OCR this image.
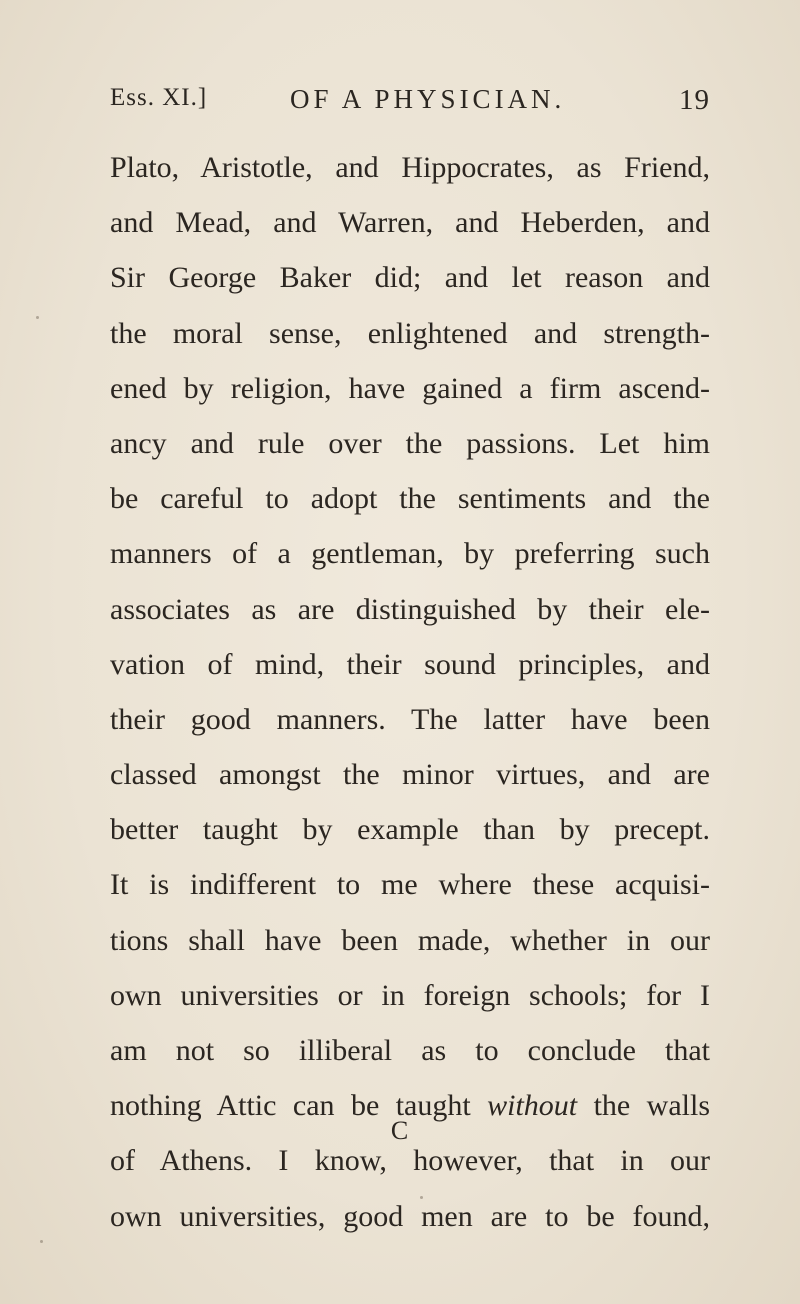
Ess. XI.]	OF A PHYSICIAN.	19
Plato, Aristotle, and Hippocrates, as Friend,
and Mead, and Warren, and Heberden, and
Sir George Baker did; and let reason and
the moral sense, enlightened and strength-
ened by religion, have gained a firm ascend-
ancy and rule over the passions. Let him
be careful to adopt the sentiments and the
manners of a gentleman, by preferring such
associates as are distinguished by their ele-
vation of mind, their sound principles, and
their good manners. The latter have been
classed amongst the minor virtues, and are
better taught by example than by precept.
It is indifferent to me where these acquisi-
tions shall have been made, whether in our
own universities or in foreign schools; for I
am not so illiberal as to conclude that
nothing Attic can be taught without the walls
of Athens. I know, however, that in our
own universities, good men are to be found,
C
